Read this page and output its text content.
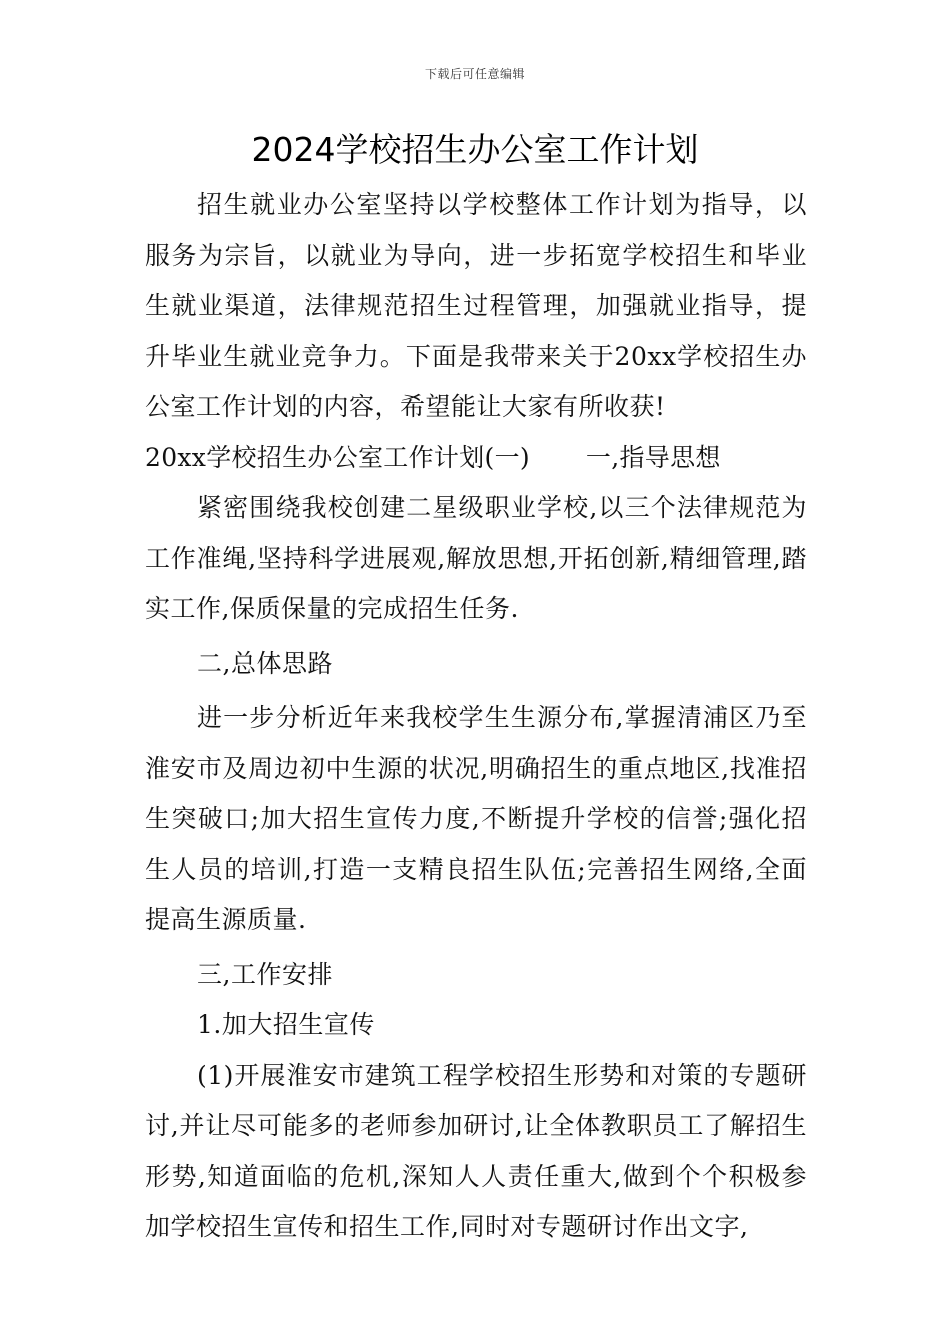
下载后可任意编辑
2024学校招生办公室工作计划

招生就业办公室坚持以学校整体工作计划为指导，以服务为宗旨，以就业为导向，进一步拓宽学校招生和毕业生就业渠道，法律规范招生过程管理，加强就业指导，提升毕业生就业竞争力。下面是我带来关于20xx学校招生办公室工作计划的内容，希望能让大家有所收获!

20xx学校招生办公室工作计划(一) 一,指导思想

紧密围绕我校创建二星级职业学校,以三个法律规范为工作准绳,坚持科学进展观,解放思想,开拓创新,精细管理,踏实工作,保质保量的完成招生任务.

二,总体思路

进一步分析近年来我校学生生源分布,掌握清浦区乃至淮安市及周边初中生源的状况,明确招生的重点地区,找准招生突破口;加大招生宣传力度,不断提升学校的信誉;强化招生人员的培训,打造一支精良招生队伍;完善招生网络,全面提高生源质量.

三,工作安排

1.加大招生宣传

(1)开展淮安市建筑工程学校招生形势和对策的专题研讨,并让尽可能多的老师参加研讨,让全体教职员工了解招生形势,知道面临的危机,深知人人责任重大,做到个个积极参加学校招生宣传和招生工作,同时对专题研讨作出文字,
